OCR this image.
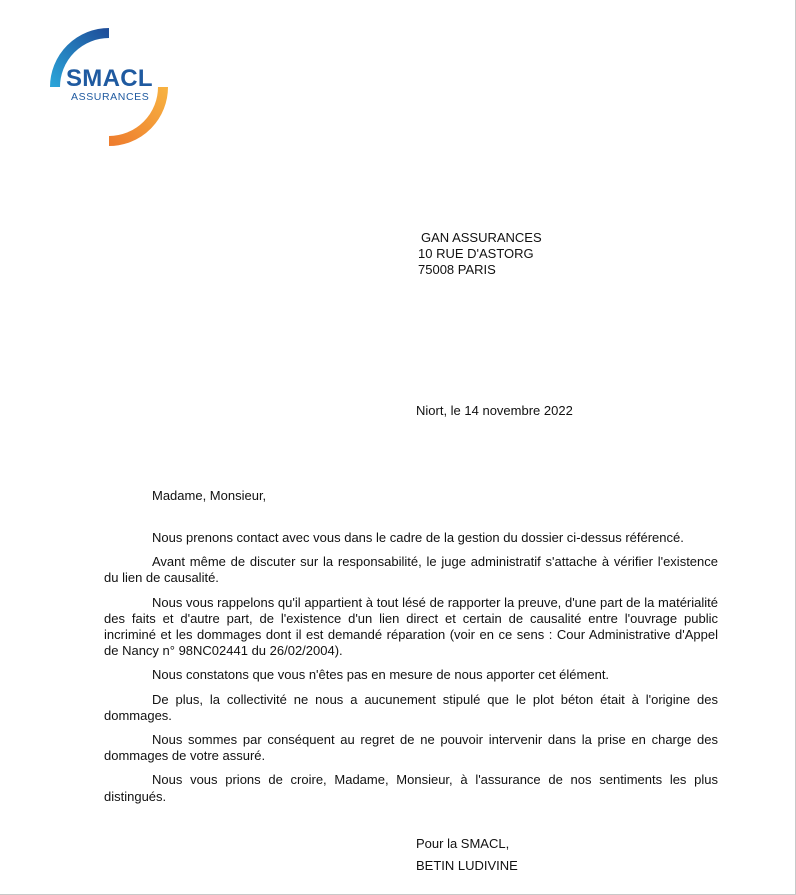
SMACL
ASSURANCES
GAN ASSURANCES
10 RUE D'ASTORG
75008 PARIS
Niort, le 14 novembre 2022
Madame, Monsieur,

Nous prenons contact avec vous dans le cadre de la gestion du dossier ci-dessus référencé.

Avant même de discuter sur la responsabilité, le juge administratif s'attache à vérifier l'existence du lien de causalité.

Nous vous rappelons qu'il appartient à tout lésé de rapporter la preuve, d'une part de la matérialité des faits et d'autre part, de l'existence d'un lien direct et certain de causalité entre l'ouvrage public incriminé et les dommages dont il est demandé réparation (voir en ce sens : Cour Administrative d'Appel de Nancy n° 98NC02441 du 26/02/2004).

Nous constatons que vous n'êtes pas en mesure de nous apporter cet élément.

De plus, la collectivité ne nous a aucunement stipulé que le plot béton était à l'origine des dommages.

Nous sommes par conséquent au regret de ne pouvoir intervenir dans la prise en charge des dommages de votre assuré.

Nous vous prions de croire, Madame, Monsieur, à l'assurance de nos sentiments les plus distingués.

Pour la SMACL,
BETIN LUDIVINE
